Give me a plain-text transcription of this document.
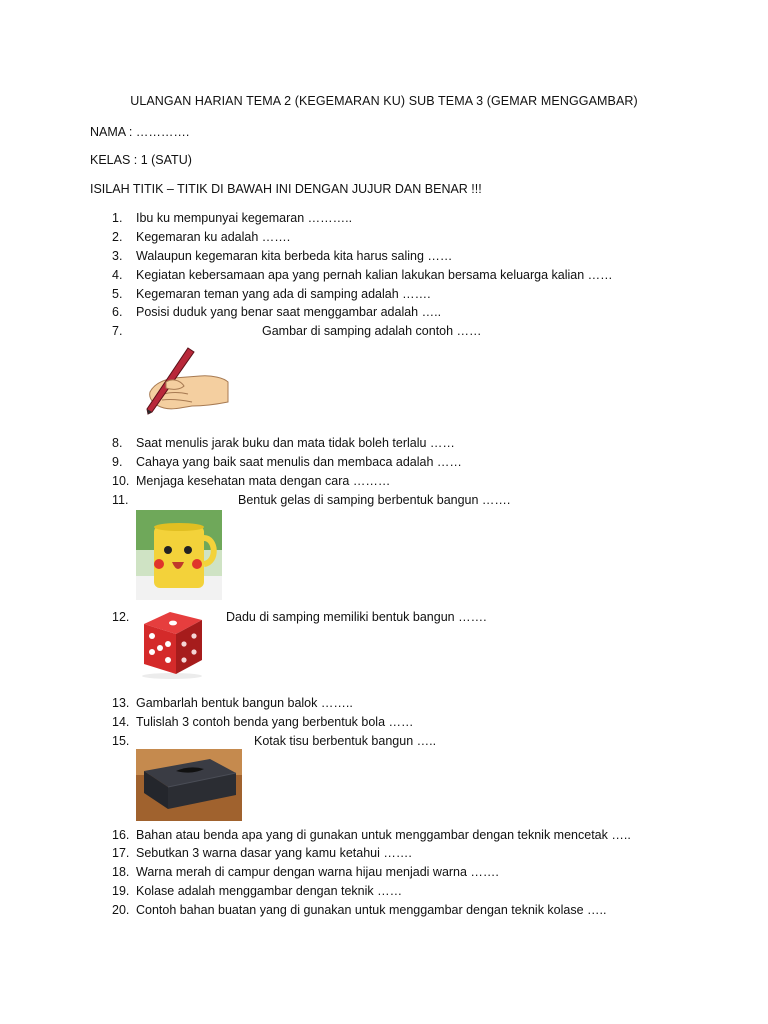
ULANGAN HARIAN TEMA 2 (KEGEMARAN KU) SUB TEMA 3 (GEMAR MENGGAMBAR)
NAMA : ………….
KELAS : 1 (SATU)
ISILAH TITIK – TITIK DI BAWAH INI DENGAN JUJUR DAN BENAR !!!
1. Ibu ku mempunyai kegemaran ………..
2. Kegemaran ku adalah …….
3. Walaupun kegemaran kita berbeda kita harus saling ……
4. Kegiatan kebersamaan apa yang pernah kalian lakukan bersama keluarga kalian ……
5. Kegemaran teman yang ada di samping adalah …….
6. Posisi duduk yang benar saat menggambar adalah …..
7.	Gambar di samping adalah contoh ……
8. Saat menulis jarak buku dan mata tidak boleh terlalu ……
9. Cahaya yang baik saat menulis dan membaca adalah ……
10. Menjaga kesehatan mata dengan cara ………
11.	Bentuk gelas di samping berbentuk bangun …….
12.	Dadu di samping memiliki bentuk bangun …….
13. Gambarlah bentuk bangun balok ……..
14. Tulislah 3 contoh benda yang berbentuk bola ……
15.	Kotak tisu berbentuk bangun …..
16. Bahan atau benda apa yang di gunakan untuk menggambar dengan teknik mencetak …..
17. Sebutkan 3 warna dasar yang kamu ketahui …….
18. Warna merah di campur dengan warna hijau menjadi warna …….
19. Kolase adalah menggambar dengan teknik ……
20. Contoh bahan buatan yang di gunakan untuk menggambar dengan teknik kolase …..
